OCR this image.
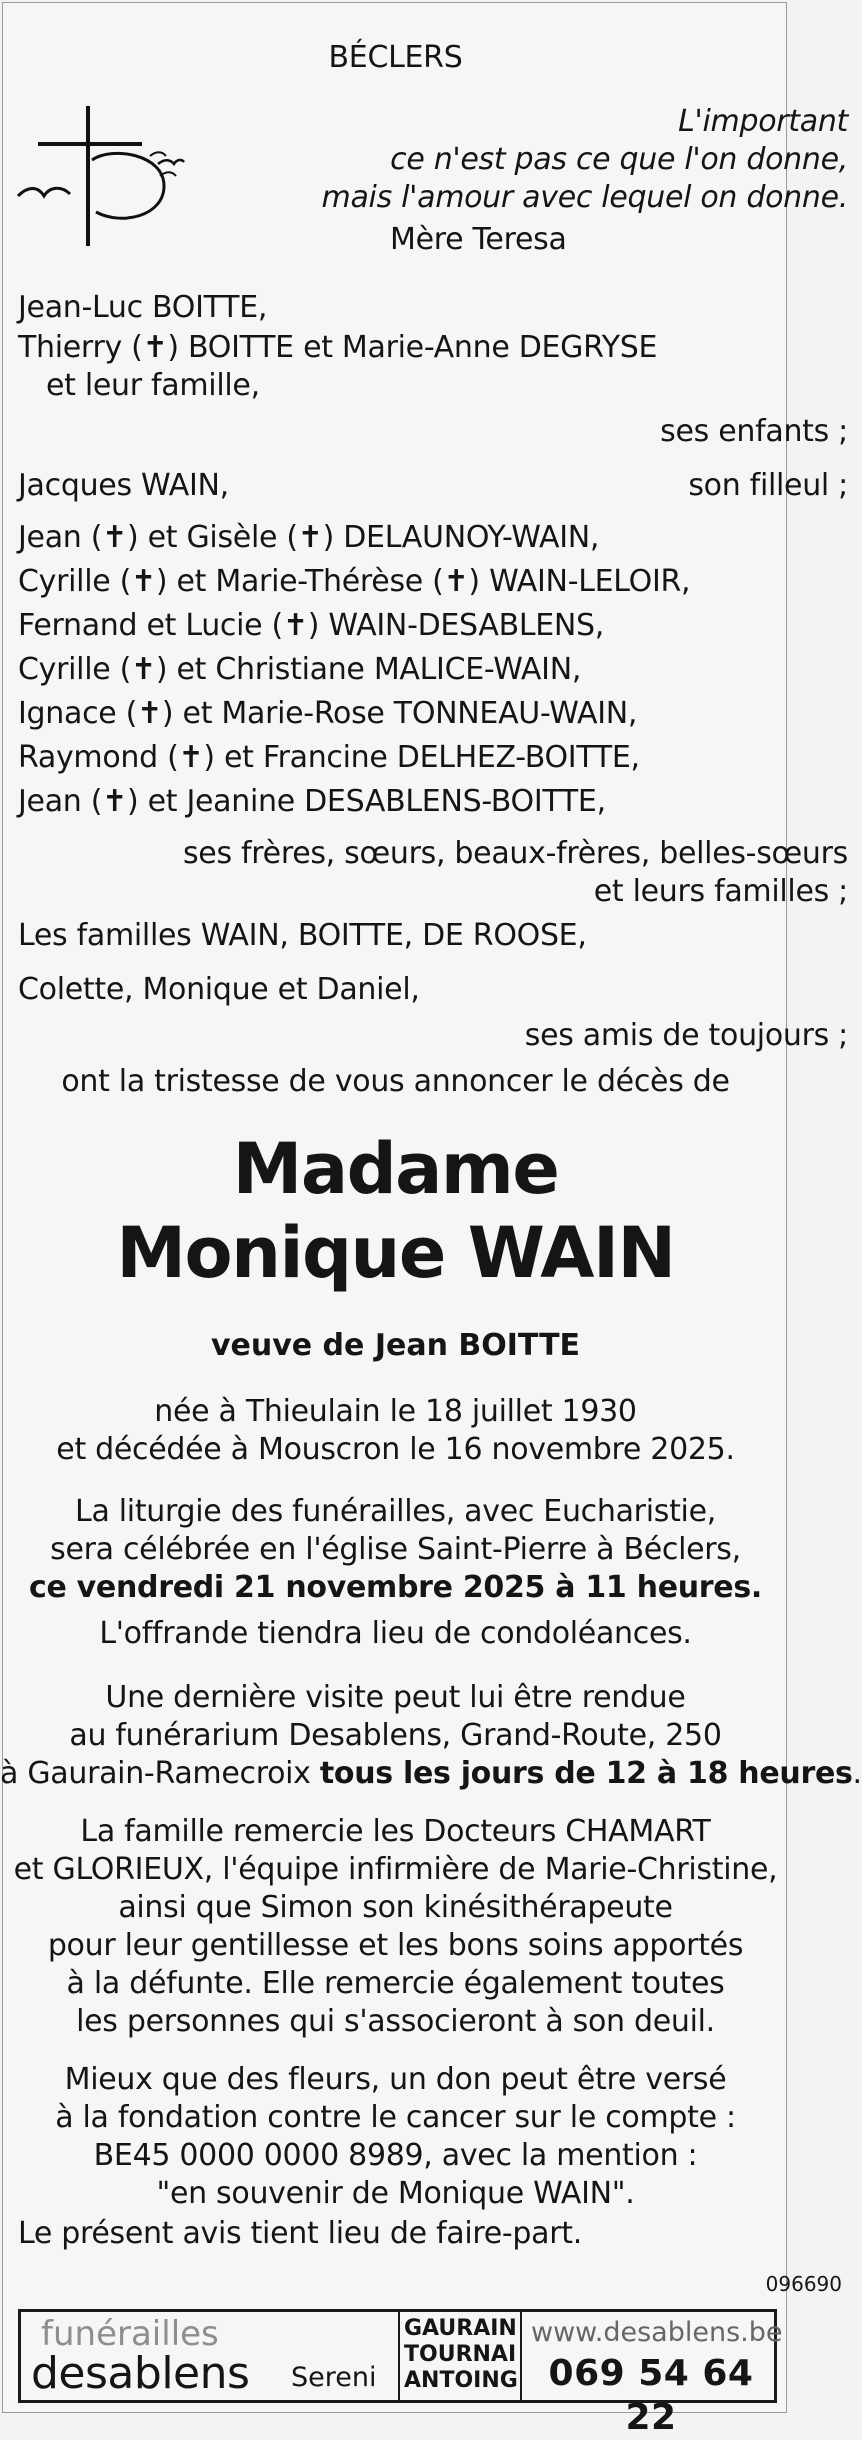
BÉCLERS
L'important
ce n'est pas ce que l'on donne,
mais l'amour avec lequel on donne.
Mère Teresa
Jean-Luc BOITTE,
Thierry (✝) BOITTE et Marie-Anne DEGRYSE
et leur famille,
ses enfants ;
Jacques WAIN,	son filleul ;
Jean (✝) et Gisèle (✝) DELAUNOY-WAIN,
Cyrille (✝) et Marie-Thérèse (✝) WAIN-LELOIR,
Fernand et Lucie (✝) WAIN-DESABLENS,
Cyrille (✝) et Christiane MALICE-WAIN,
Ignace (✝) et Marie-Rose TONNEAU-WAIN,
Raymond (✝) et Francine DELHEZ-BOITTE,
Jean (✝) et Jeanine DESABLENS-BOITTE,
ses frères, sœurs, beaux-frères, belles-sœurs
et leurs familles ;
Les familles WAIN, BOITTE, DE ROOSE,
Colette, Monique et Daniel,
ses amis de toujours ;
ont la tristesse de vous annoncer le décès de
Madame
Monique WAIN
veuve de Jean BOITTE
née à Thieulain le 18 juillet 1930
et décédée à Mouscron le 16 novembre 2025.
La liturgie des funérailles, avec Eucharistie,
sera célébrée en l'église Saint-Pierre à Béclers,
ce vendredi 21 novembre 2025 à 11 heures.
L'offrande tiendra lieu de condoléances.
Une dernière visite peut lui être rendue
au funérarium Desablens, Grand-Route, 250
à Gaurain-Ramecroix tous les jours de 12 à 18 heures.
La famille remercie les Docteurs CHAMART
et GLORIEUX, l'équipe infirmière de Marie-Christine,
ainsi que Simon son kinésithérapeute
pour leur gentillesse et les bons soins apportés
à la défunte. Elle remercie également toutes
les personnes qui s'associeront à son deuil.
Mieux que des fleurs, un don peut être versé
à la fondation contre le cancer sur le compte :
BE45 0000 0000 8989, avec la mention :
"en souvenir de Monique WAIN".
Le présent avis tient lieu de faire-part.
096690
funérailles
desablens Sereni
GAURAIN
TOURNAI
ANTOING
www.desablens.be
069 54 64 22
